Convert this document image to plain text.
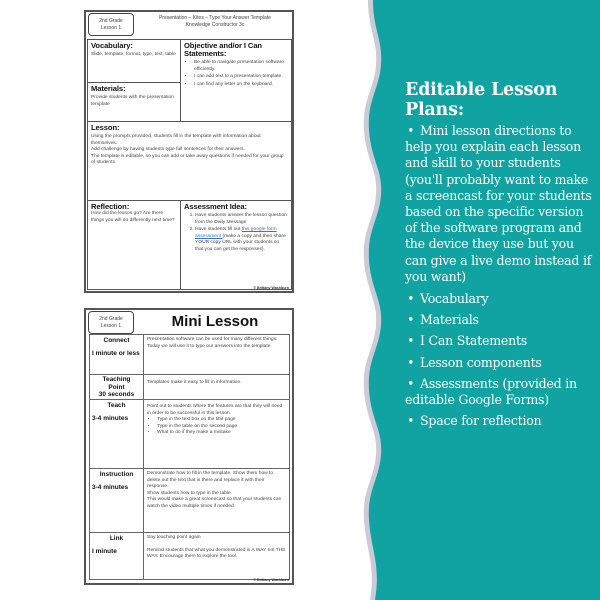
Editable Lesson Plans:
• Mini lesson directions to help you explain each lesson and skill to your students (you'll probably want to make a screencast for your students based on the specific version of the software program and the device they use but you can give a live demo instead if you want)
• Vocabulary
• Materials
• I Can Statements
• Lesson components
• Assessments (provided in editable Google Forms)
• Space for reflection
2nd Grade
Lesson 1
Presentation – Kites – Type Your Answer Template
Knowledge Constructor 3c
Vocabulary:
Slide, template, format, type, text, table
Materials:
Provide students with the presentation template
Objective and/or I Can Statements:
• Be able to navigate presentation software efficiently.
• I can add text to a presentation template.
• I can find any letter on the keyboard.
Lesson:
Using the prompts provided, students fill in the template with information about themselves.
Add challenge by having students type full sentences for their answers.
The template is editable, so you can add or take away questions if needed for your group of students.
Reflection:
How did the lesson go? Are there things you will do differently next time?
Assessment Idea:
1. Have students answer the lesson question from the Daily Message
2. Have students fill out this google form assessment (make a copy and then share YOUR copy URL with your students so that you can get the responses).
© Brittany Washburn
2nd Grade
Lesson 1	Mini Lesson
Connect
I minute or less
Presentation software can be used for many different things. Today we will use it to type our answers into the template.
Teaching Point
30 seconds
Templates make it easy to fill in information.
Teach
3-4 minutes

Point out to students where the features are that they will need in order to be successful in this lesson.

• Type in the text box on the title page
• Type in the table on the second page
• What to do if they make a mistake
Instruction
3-4 minutes

Demonstrate how to fill in the template. Show them how to delete out the text that is there and replace it with their response.

Show students how to type in the table.

This would make a great screencast so that your students can watch the video multiple times if needed.

Link
I minute

Say teaching point again

Remind students that what you demonstrated is A WAY not THE WAY. Encourage them to explore the tool.

© Brittany Washburn
